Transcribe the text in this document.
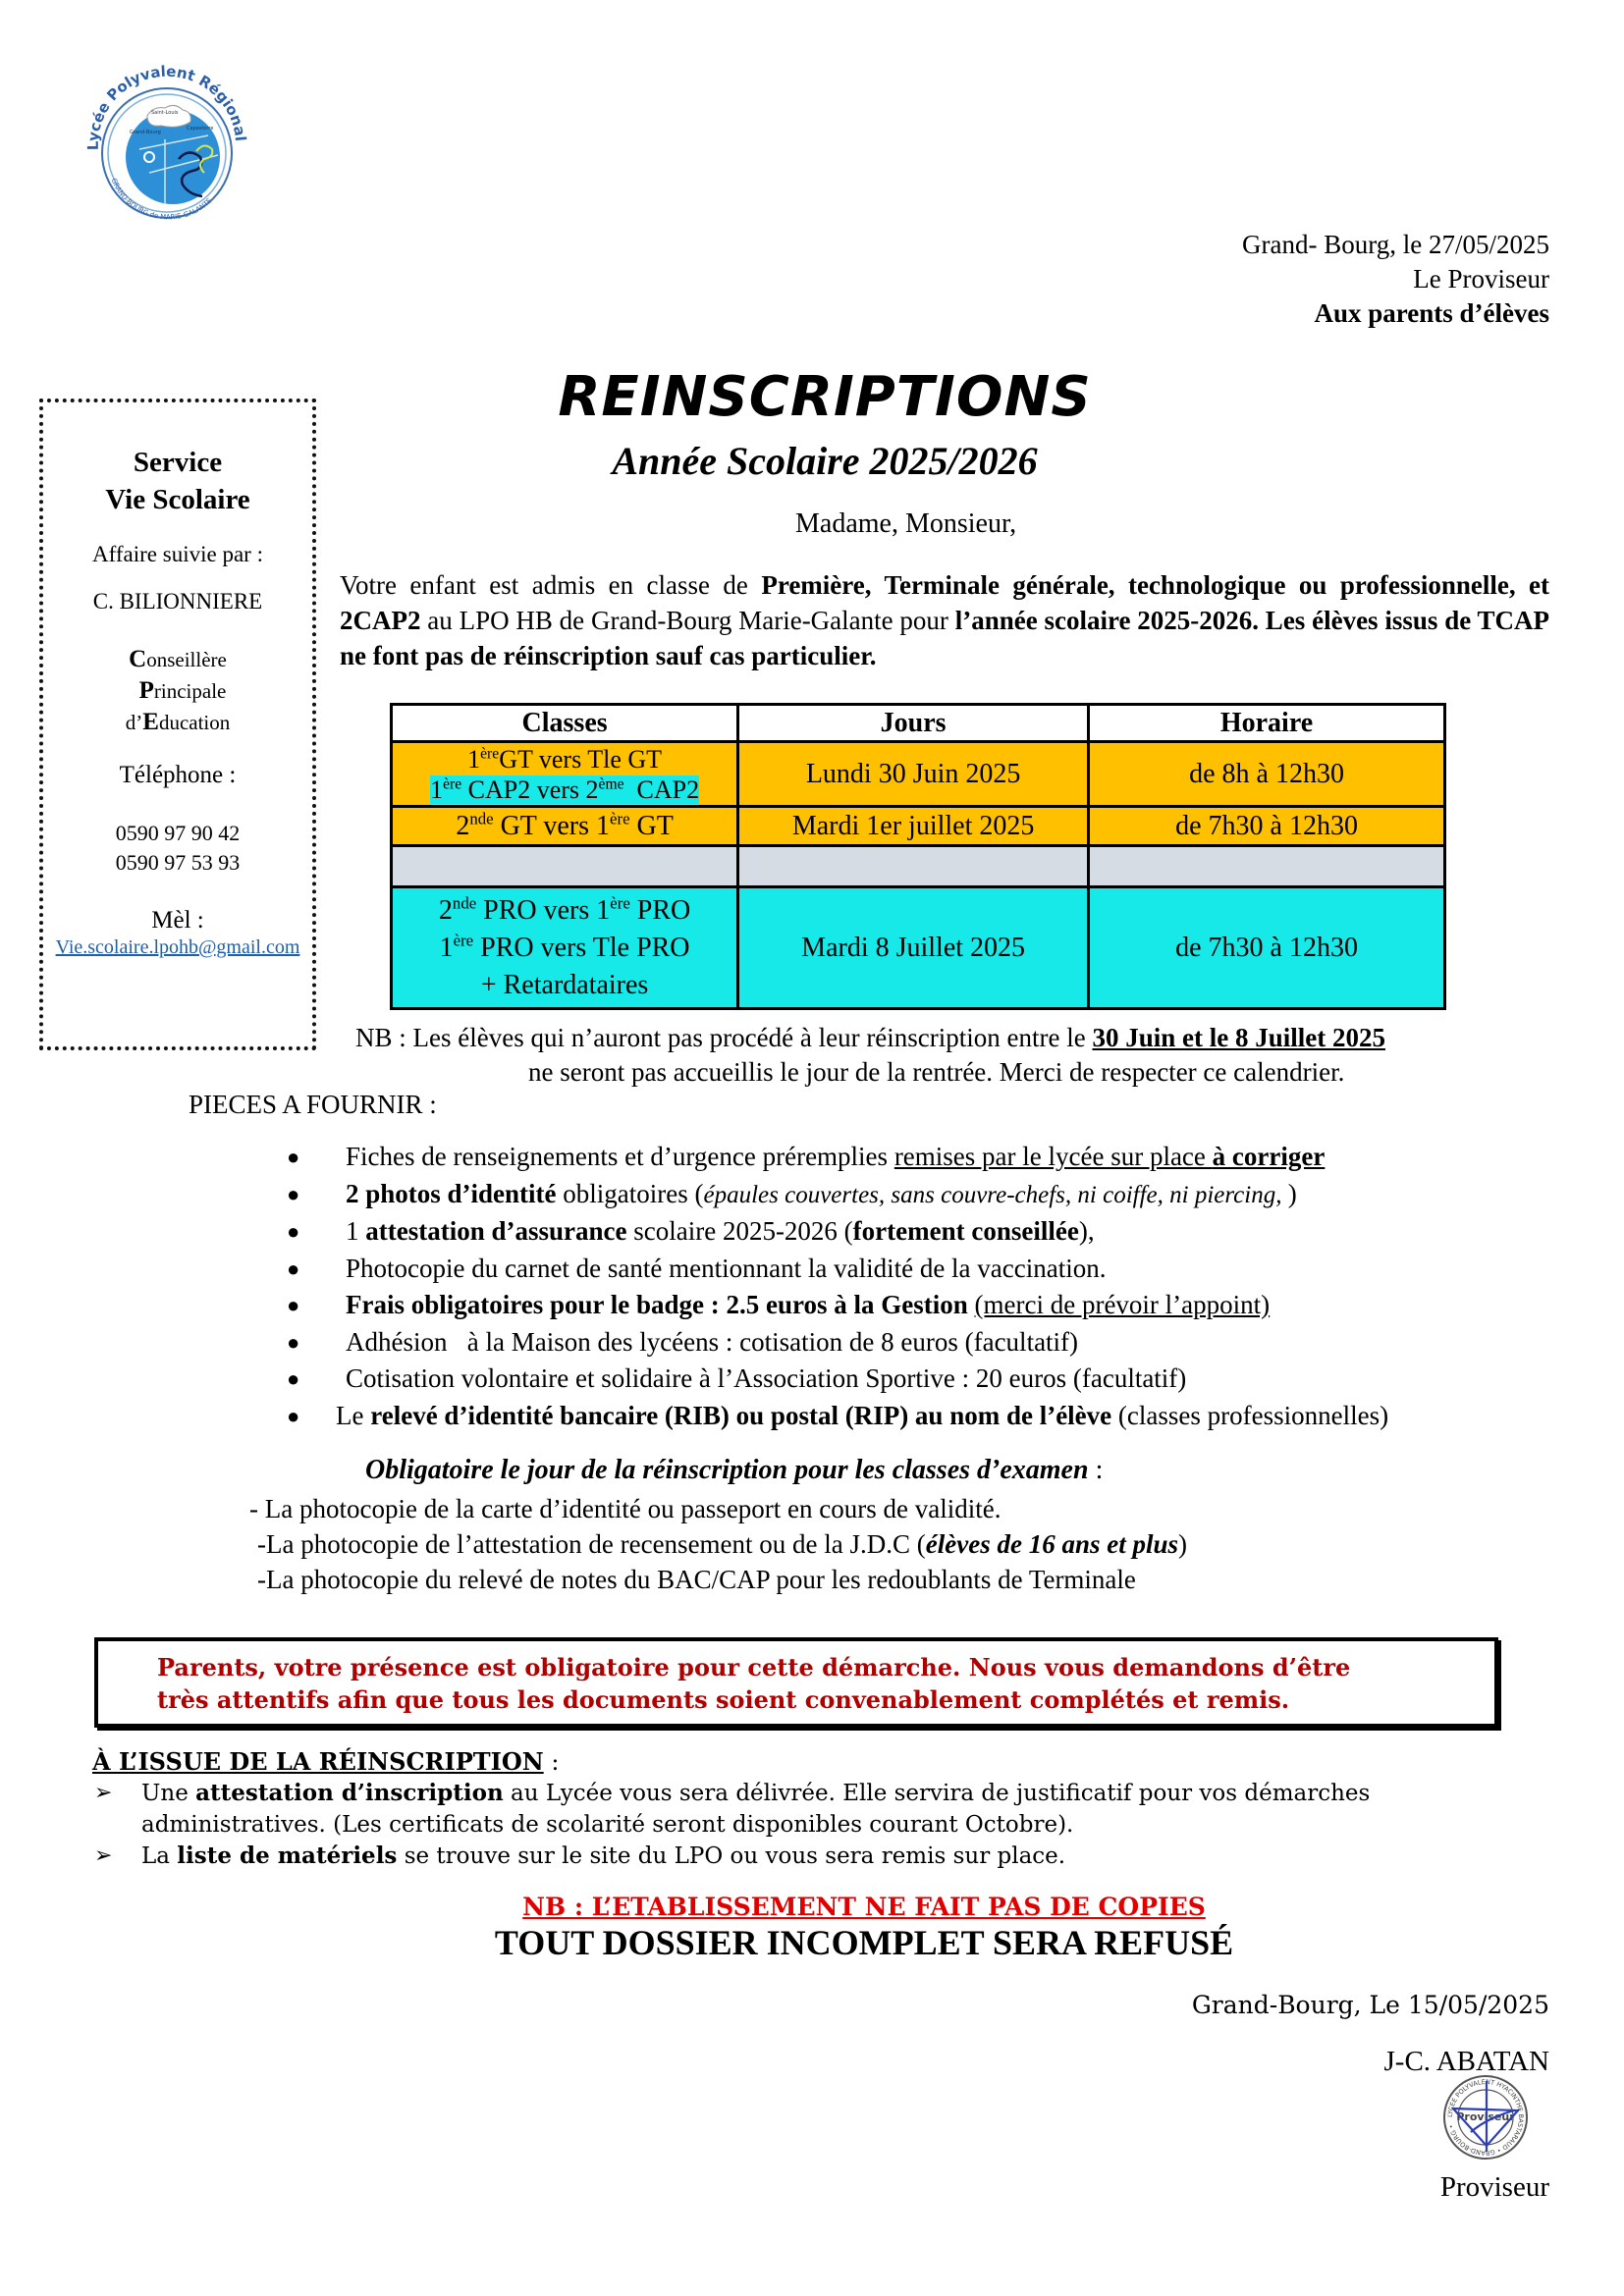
Lycée Polyvalent Régional
GRAND-BOURG de MARIE-GALANTE
Saint-Louis
Grand-Bourg
Capesterre
Grand- Bourg, le 27/05/2025
Le Proviseur
Aux parents d’élèves
Service
Vie Scolaire
Affaire suivie par :
C. BILIONNIERE
Conseillère
Principale
d’Education
Téléphone :
0590 97 90 42
0590 97 53 93
Mèl :
Vie.scolaire.lpohb@gmail.com
REINSCRIPTIONS
Année Scolaire 2025/2026
Madame, Monsieur,
Votre enfant est admis en classe de Première, Terminale générale, technologique ou professionnelle, et 2CAP2 au LPO HB de Grand-Bourg Marie-Galante pour l’année scolaire 2025-2026. Les élèves issus de TCAP ne font pas de réinscription sauf cas particulier.
Classes	Jours	Horaire

1èreGT vers Tle GT
1ère CAP2 vers 2ème  CAP2	Lundi 30 Juin 2025	de 8h à 12h30
2nde GT vers 1ère GT	Mardi 1er juillet 2025	de 7h30 à 12h30

2nde PRO vers 1ère PRO
1ère PRO vers Tle PRO
+ Retardataires	Mardi 8 Juillet 2025	de 7h30 à 12h30
NB : Les élèves qui n’auront pas procédé à leur réinscription entre le 30 Juin et le 8 Juillet 2025
ne seront pas accueillis le jour de la rentrée. Merci de respecter ce calendrier.
PIECES A FOURNIR :
● Fiches de renseignements et d’urgence préremplies remises par le lycée sur place à corriger
● 2 photos d’identité obligatoires (épaules couvertes, sans couvre-chefs, ni coiffe, ni piercing, )
● 1 attestation d’assurance scolaire 2025-2026 (fortement conseillée),
● Photocopie du carnet de santé mentionnant la validité de la vaccination.
● Frais obligatoires pour le badge : 2.5 euros à la Gestion (merci de prévoir l’appoint)
● Adhésion   à la Maison des lycéens : cotisation de 8 euros (facultatif)
● Cotisation volontaire et solidaire à l’Association Sportive : 20 euros (facultatif)
● Le relevé d’identité bancaire (RIB) ou postal (RIP) au nom de l’élève (classes professionnelles)
Obligatoire le jour de la réinscription pour les classes d’examen :
- La photocopie de la carte d’identité ou passeport en cours de validité.
-La photocopie de l’attestation de recensement ou de la J.D.C (élèves de 16 ans et plus)
-La photocopie du relevé de notes du BAC/CAP pour les redoublants de Terminale
Parents, votre présence est obligatoire pour cette démarche. Nous vous demandons d’être
très attentifs afin que tous les documents soient convenablement complétés et remis.
À L’ISSUE DE LA RÉINSCRIPTION :
➢ Une attestation d’inscription au Lycée vous sera délivrée. Elle servira de justificatif pour vos démarches administratives. (Les certificats de scolarité seront disponibles courant Octobre).
➢ La liste de matériels se trouve sur le site du LPO ou vous sera remis sur place.
NB : L’ETABLISSEMENT NE FAIT PAS DE COPIES
TOUT DOSSIER INCOMPLET SERA REFUSÉ
Grand-Bourg, Le 15/05/2025
J-C. ABATAN
LYCEE POLYVALENT HYACINTHE BASTARAUD • GRAND-BOURG •
Proviseur
Proviseur
